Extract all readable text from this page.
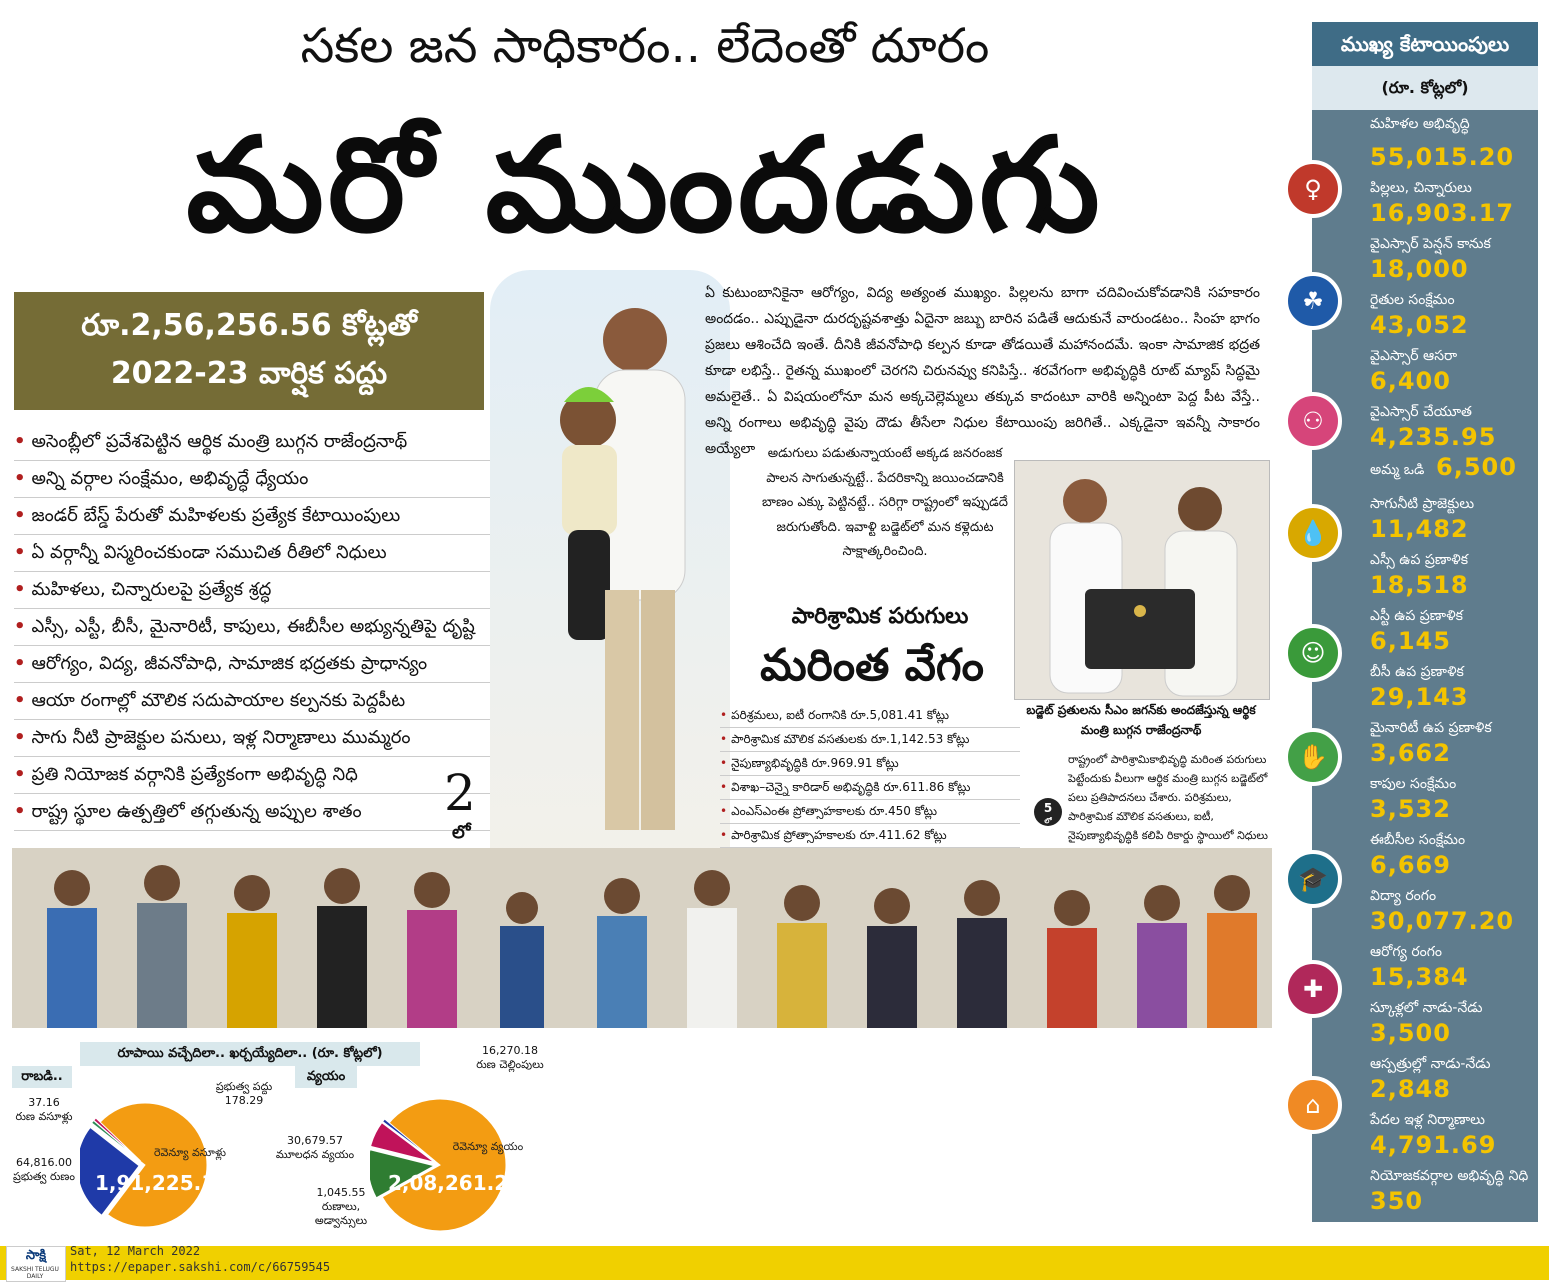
సకల జన సాధికారం.. లేదెంతో దూరం
మరో ముందడుగు
రూ.2,56,256.56 కోట్లతో
2022-23 వార్షిక పద్దు
• అసెంబ్లీలో ప్రవేశపెట్టిన ఆర్థిక మంత్రి బుగ్గన రాజేంద్రనాథ్
• అన్ని వర్గాల సంక్షేమం, అభివృద్ధే ధ్యేయం
• జండర్ బేస్డ్ పేరుతో మహిళలకు ప్రత్యేక కేటాయింపులు
• ఏ వర్గాన్నీ విస్మరించకుండా సముచిత రీతిలో నిధులు
• మహిళలు, చిన్నారులపై ప్రత్యేక శ్రద్ధ
• ఎస్సీ, ఎస్టీ, బీసీ, మైనారిటీ, కాపులు, ఈబీసీల అభ్యున్నతిపై దృష్టి
• ఆరోగ్యం, విద్య, జీవనోపాధి, సామాజిక భద్రతకు ప్రాధాన్యం
• ఆయా రంగాల్లో మౌలిక సదుపాయాల కల్పనకు పెద్దపీట
• సాగు నీటి ప్రాజెక్టుల పనులు, ఇళ్ల నిర్మాణాలు ముమ్మరం
• ప్రతి నియోజక వర్గానికి ప్రత్యేకంగా అభివృద్ధి నిధి
• రాష్ట్ర స్థూల ఉత్పత్తిలో తగ్గుతున్న అప్పుల శాతం	2
లో
ఏ కుటుంబానికైనా ఆరోగ్యం, విద్య అత్యంత ముఖ్యం. పిల్లలను బాగా చదివించుకోవడానికి సహకారం అందడం.. ఎప్పుడైనా దురదృష్టవశాత్తు ఏదైనా జబ్బు బారిన పడితే ఆదుకునే వారుండటం.. సింహ భాగం ప్రజలు ఆశించేది ఇంతే. దీనికి జీవనోపాధి కల్పన కూడా తోడయితే మహానందమే. ఇంకా సామాజిక భద్రత కూడా లభిస్తే.. రైతన్న ముఖంలో చెరగని చిరునవ్వు కనిపిస్తే.. శరవేగంగా అభివృద్ధికి రూట్ మ్యాప్ సిద్ధమై అమలైతే.. ఏ విషయంలోనూ మన అక్కచెల్లెమ్మలు తక్కువ కాదంటూ వారికి అన్నింటా పెద్ద పీట వేస్తే.. అన్ని రంగాలు అభివృద్ధి వైపు దౌడు తీసేలా నిధుల కేటాయింపు జరిగితే.. ఎక్కడైనా ఇవన్నీ సాకారం అయ్యేలా అడుగులు పడుతున్నాయంటే అక్కడ జనరంజక పాలన సాగుతున్నట్టే.. పేదరికాన్ని జయించడానికి బాణం ఎక్కు పెట్టినట్టే.. సరిగ్గా రాష్ట్రంలో ఇప్పుడదే జరుగుతోంది. ఇవాళ్టి బడ్జెట్‌లో మన కళ్లెదుట సాక్షాత్కరించింది.
బడ్జెట్ ప్రతులను సీఎం జగన్‌కు అందజేస్తున్న ఆర్థిక మంత్రి బుగ్గన రాజేంద్రనాథ్
పారిశ్రామిక పరుగులు
మరింత వేగం
• పరిశ్రమలు, ఐటీ రంగానికి రూ.5,081.41 కోట్లు
• పారిశ్రామిక మౌలిక వసతులకు రూ.1,142.53 కోట్లు
• నైపుణ్యాభివృద్ధికి రూ.969.91 కోట్లు
• విశాఖ–చెన్నై కారిడార్ అభివృద్ధికి రూ.611.86 కోట్లు
• ఎంఎస్‌ఎంఈ ప్రోత్సాహకాలకు రూ.450 కోట్లు
• పారిశ్రామిక ప్రోత్సాహకాలకు రూ.411.62 కోట్లు
•
5
లో
రాష్ట్రంలో పారిశ్రామికాభివృద్ధి మరింత పరుగులు పెట్టేందుకు వీలుగా ఆర్థిక మంత్రి బుగ్గన బడ్జెట్‌లో పలు ప్రతిపాదనలు చేశారు. పరిశ్రమలు, పారిశ్రామిక మౌలిక వసతులు, ఐటీ, నైపుణ్యాభివృద్ధికి కలిపి రికార్డు స్థాయిలో నిధులు
ముఖ్య కేటాయింపులు
(రూ. కోట్లలో)
మహిళల అభివృద్ధి
55,015.20
పిల్లలు, చిన్నారులు
16,903.17
వైఎస్సార్ పెన్షన్ కానుక
18,000
రైతుల సంక్షేమం
43,052
వైఎస్సార్ ఆసరా
6,400
వైఎస్సార్ చేయూత
4,235.95
అమ్మ ఒడి 6,500
సాగునీటి ప్రాజెక్టులు
11,482
ఎస్సీ ఉప ప్రణాళిక
18,518
ఎస్టీ ఉప ప్రణాళిక
6,145
బీసీ ఉప ప్రణాళిక
29,143
మైనారిటీ ఉప ప్రణాళిక
3,662
కాపుల సంక్షేమం
3,532
ఈబీసీల సంక్షేమం
6,669
విద్యా రంగం
30,077.20
ఆరోగ్య రంగం
15,384
స్కూళ్లలో నాడు-నేడు
3,500
ఆస్పత్రుల్లో నాడు-నేడు
2,848
పేదల ఇళ్ల నిర్మాణాలు
4,791.69
నియోజకవర్గాల అభివృద్ధి నిధి
350
♀
☘
⚇
💧
☺
✋
🎓
✚
⌂
రూపాయి వచ్చేదిలా.. ఖర్చయ్యేదిలా.. (రూ. కోట్లలో)
రాబడి..	వ్యయం
1,91,225.11
రెవెన్యూ వసూళ్లు
64,816.00
ప్రభుత్వ రుణం
37.16
రుణ వసూళ్లు
ప్రభుత్వ పద్దు
178.29
2,08,261.26
రెవెన్యూ వ్యయం
30,679.57
మూలధన వ్యయం
16,270.18
రుణ చెల్లింపులు
1,045.55
రుణాలు, అడ్వాన్సులు
సాక్షి
SAKSHI TELUGU DAILY
Sat, 12 March 2022
https://epaper.sakshi.com/c/66759545
